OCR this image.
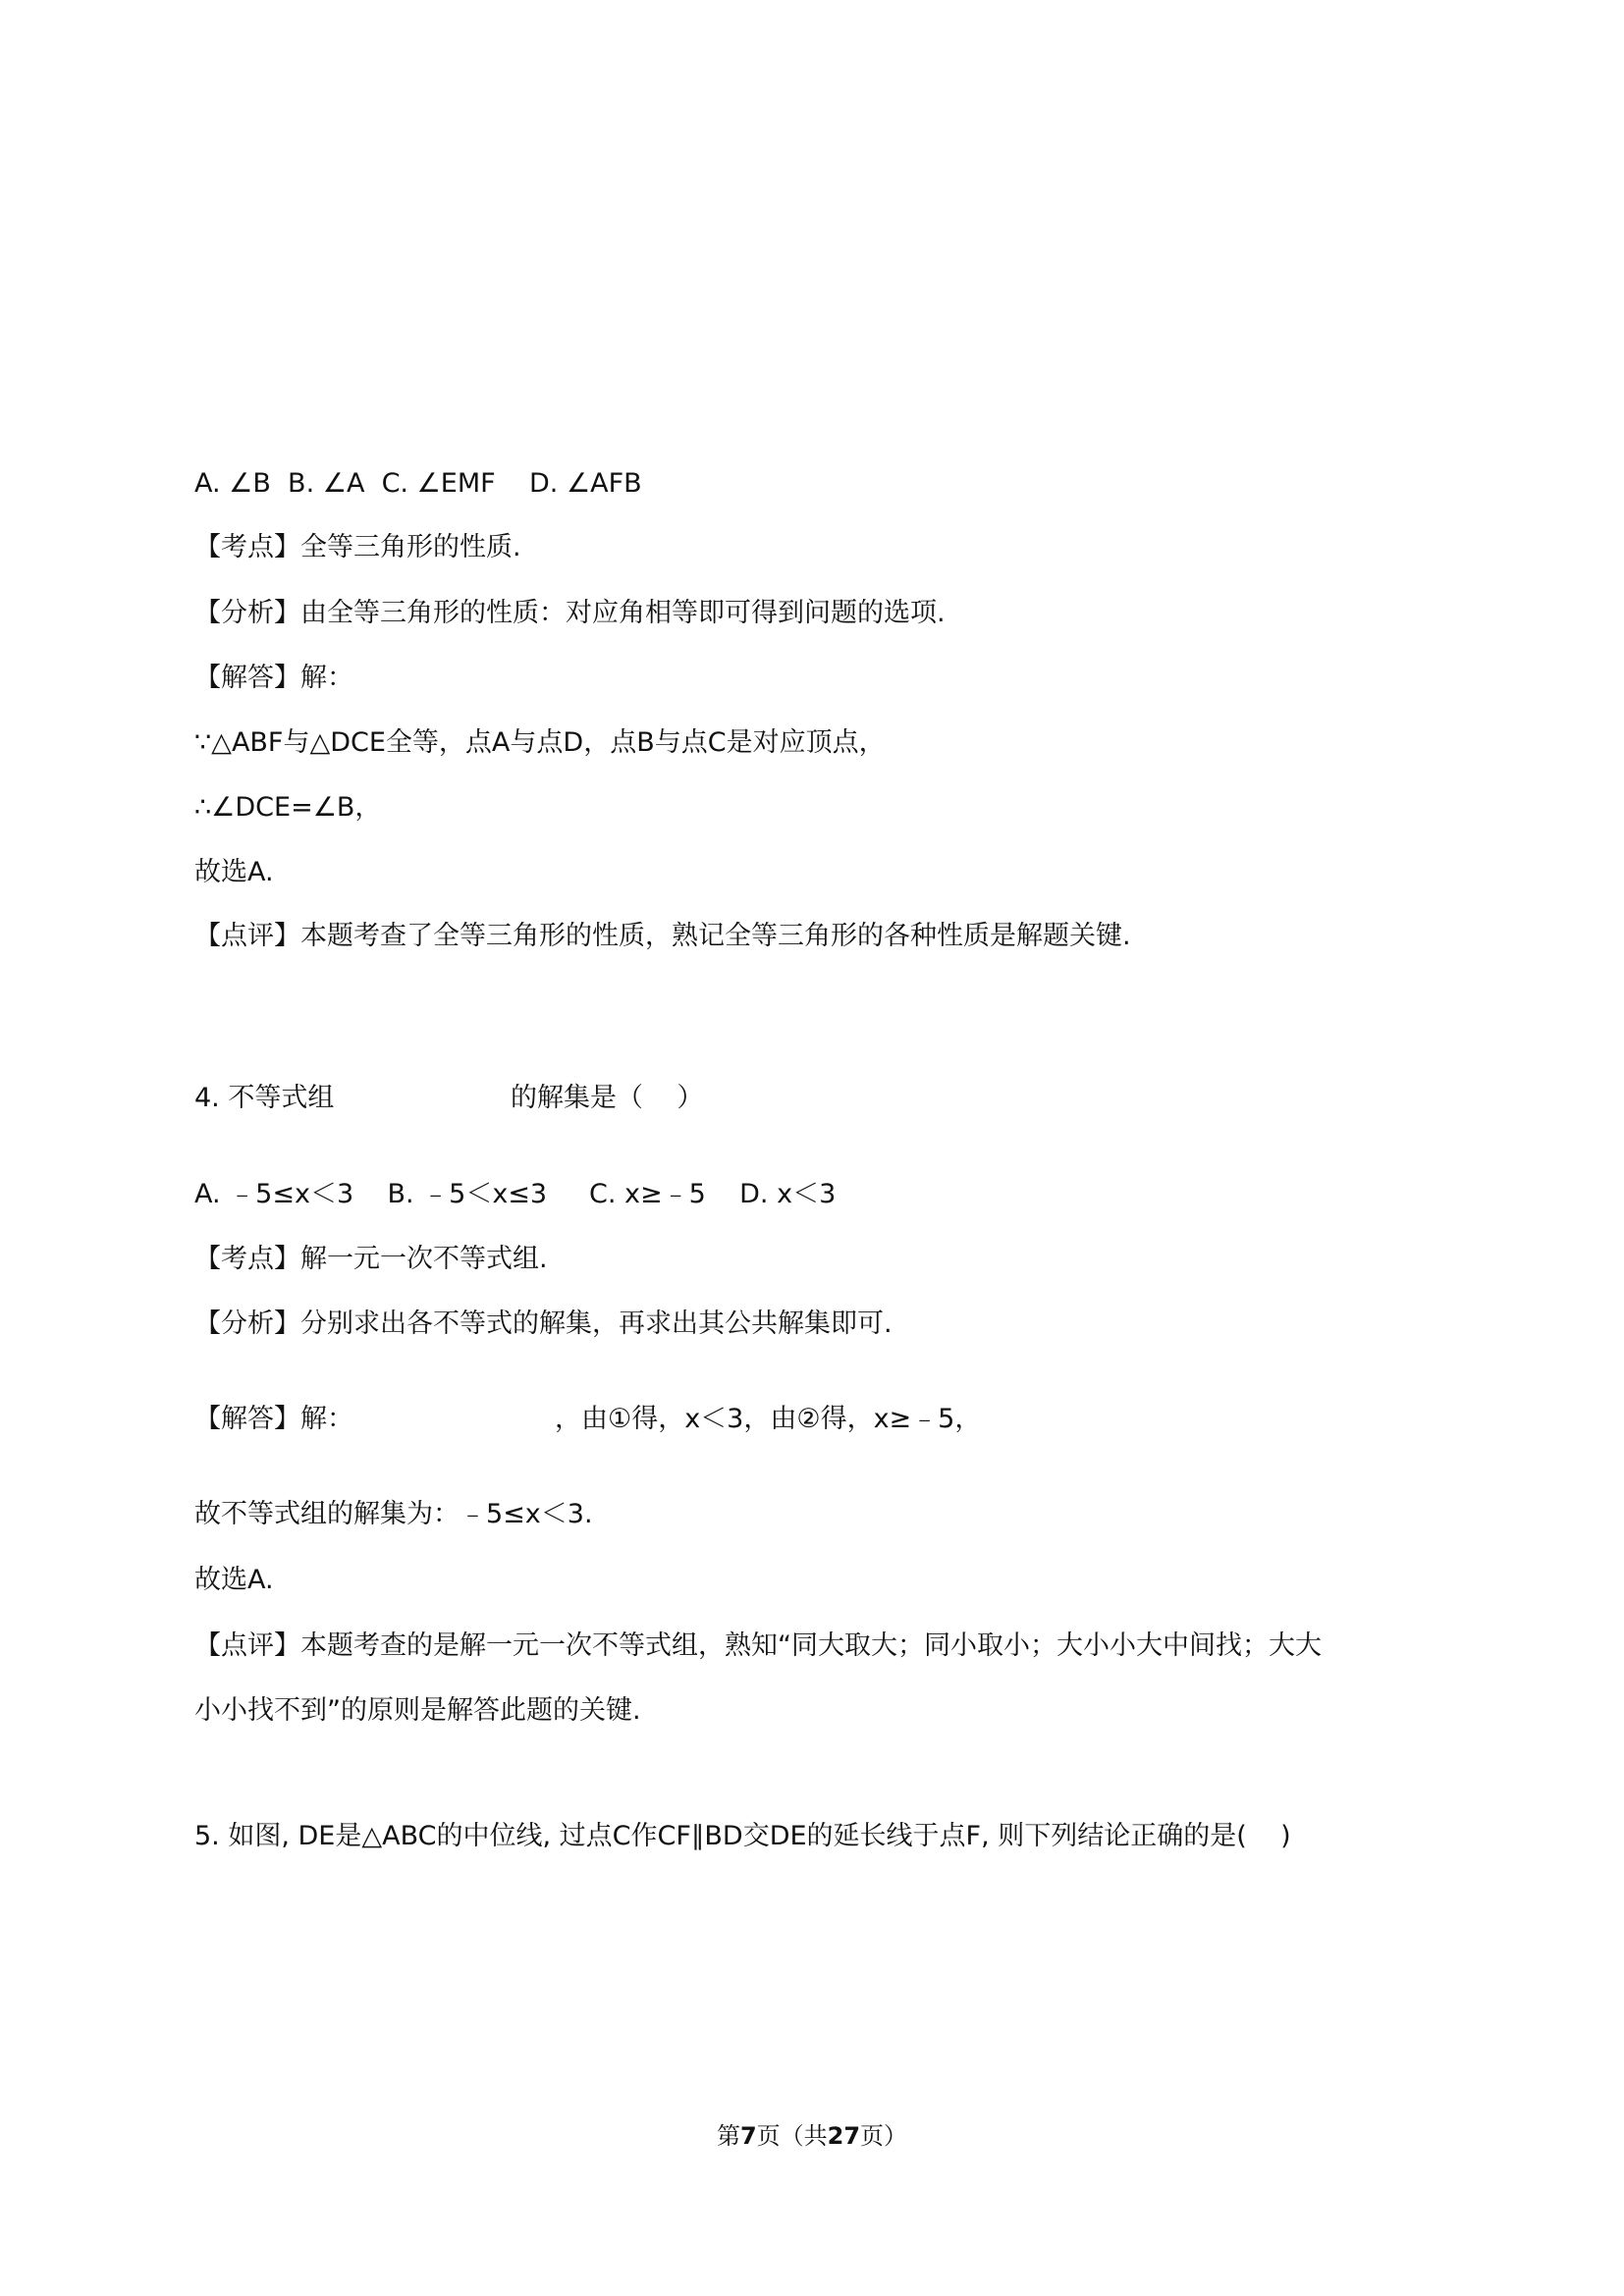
A. ∠B  B. ∠A  C. ∠EMF    D. ∠AFB

【考点】全等三角形的性质.

【分析】由全等三角形的性质：对应角相等即可得到问题的选项.

【解答】解：

∵△ABF与△DCE全等，点A与点D，点B与点C是对应顶点，

∴∠DCE=∠B，

故选A.

【点评】本题考查了全等三角形的性质，熟记全等三角形的各种性质是解题关键.

4. 不等式组	的解集是（    ）

A. ﹣5≤x＜3    B. ﹣5＜x≤3     C. x≥﹣5    D. x＜3

【考点】解一元一次不等式组.

【分析】分别求出各不等式的解集，再求出其公共解集即可.

【解答】解：	，由①得，x＜3，由②得，x≥﹣5，

故不等式组的解集为：﹣5≤x＜3.

故选A.

【点评】本题考查的是解一元一次不等式组，熟知“同大取大；同小取小；大小小大中间找；大大

小小找不到”的原则是解答此题的关键.

5. 如图, DE是△ABC的中位线, 过点C作CF∥BD交DE的延长线于点F, 则下列结论正确的是(    )

第7页（共27页）
